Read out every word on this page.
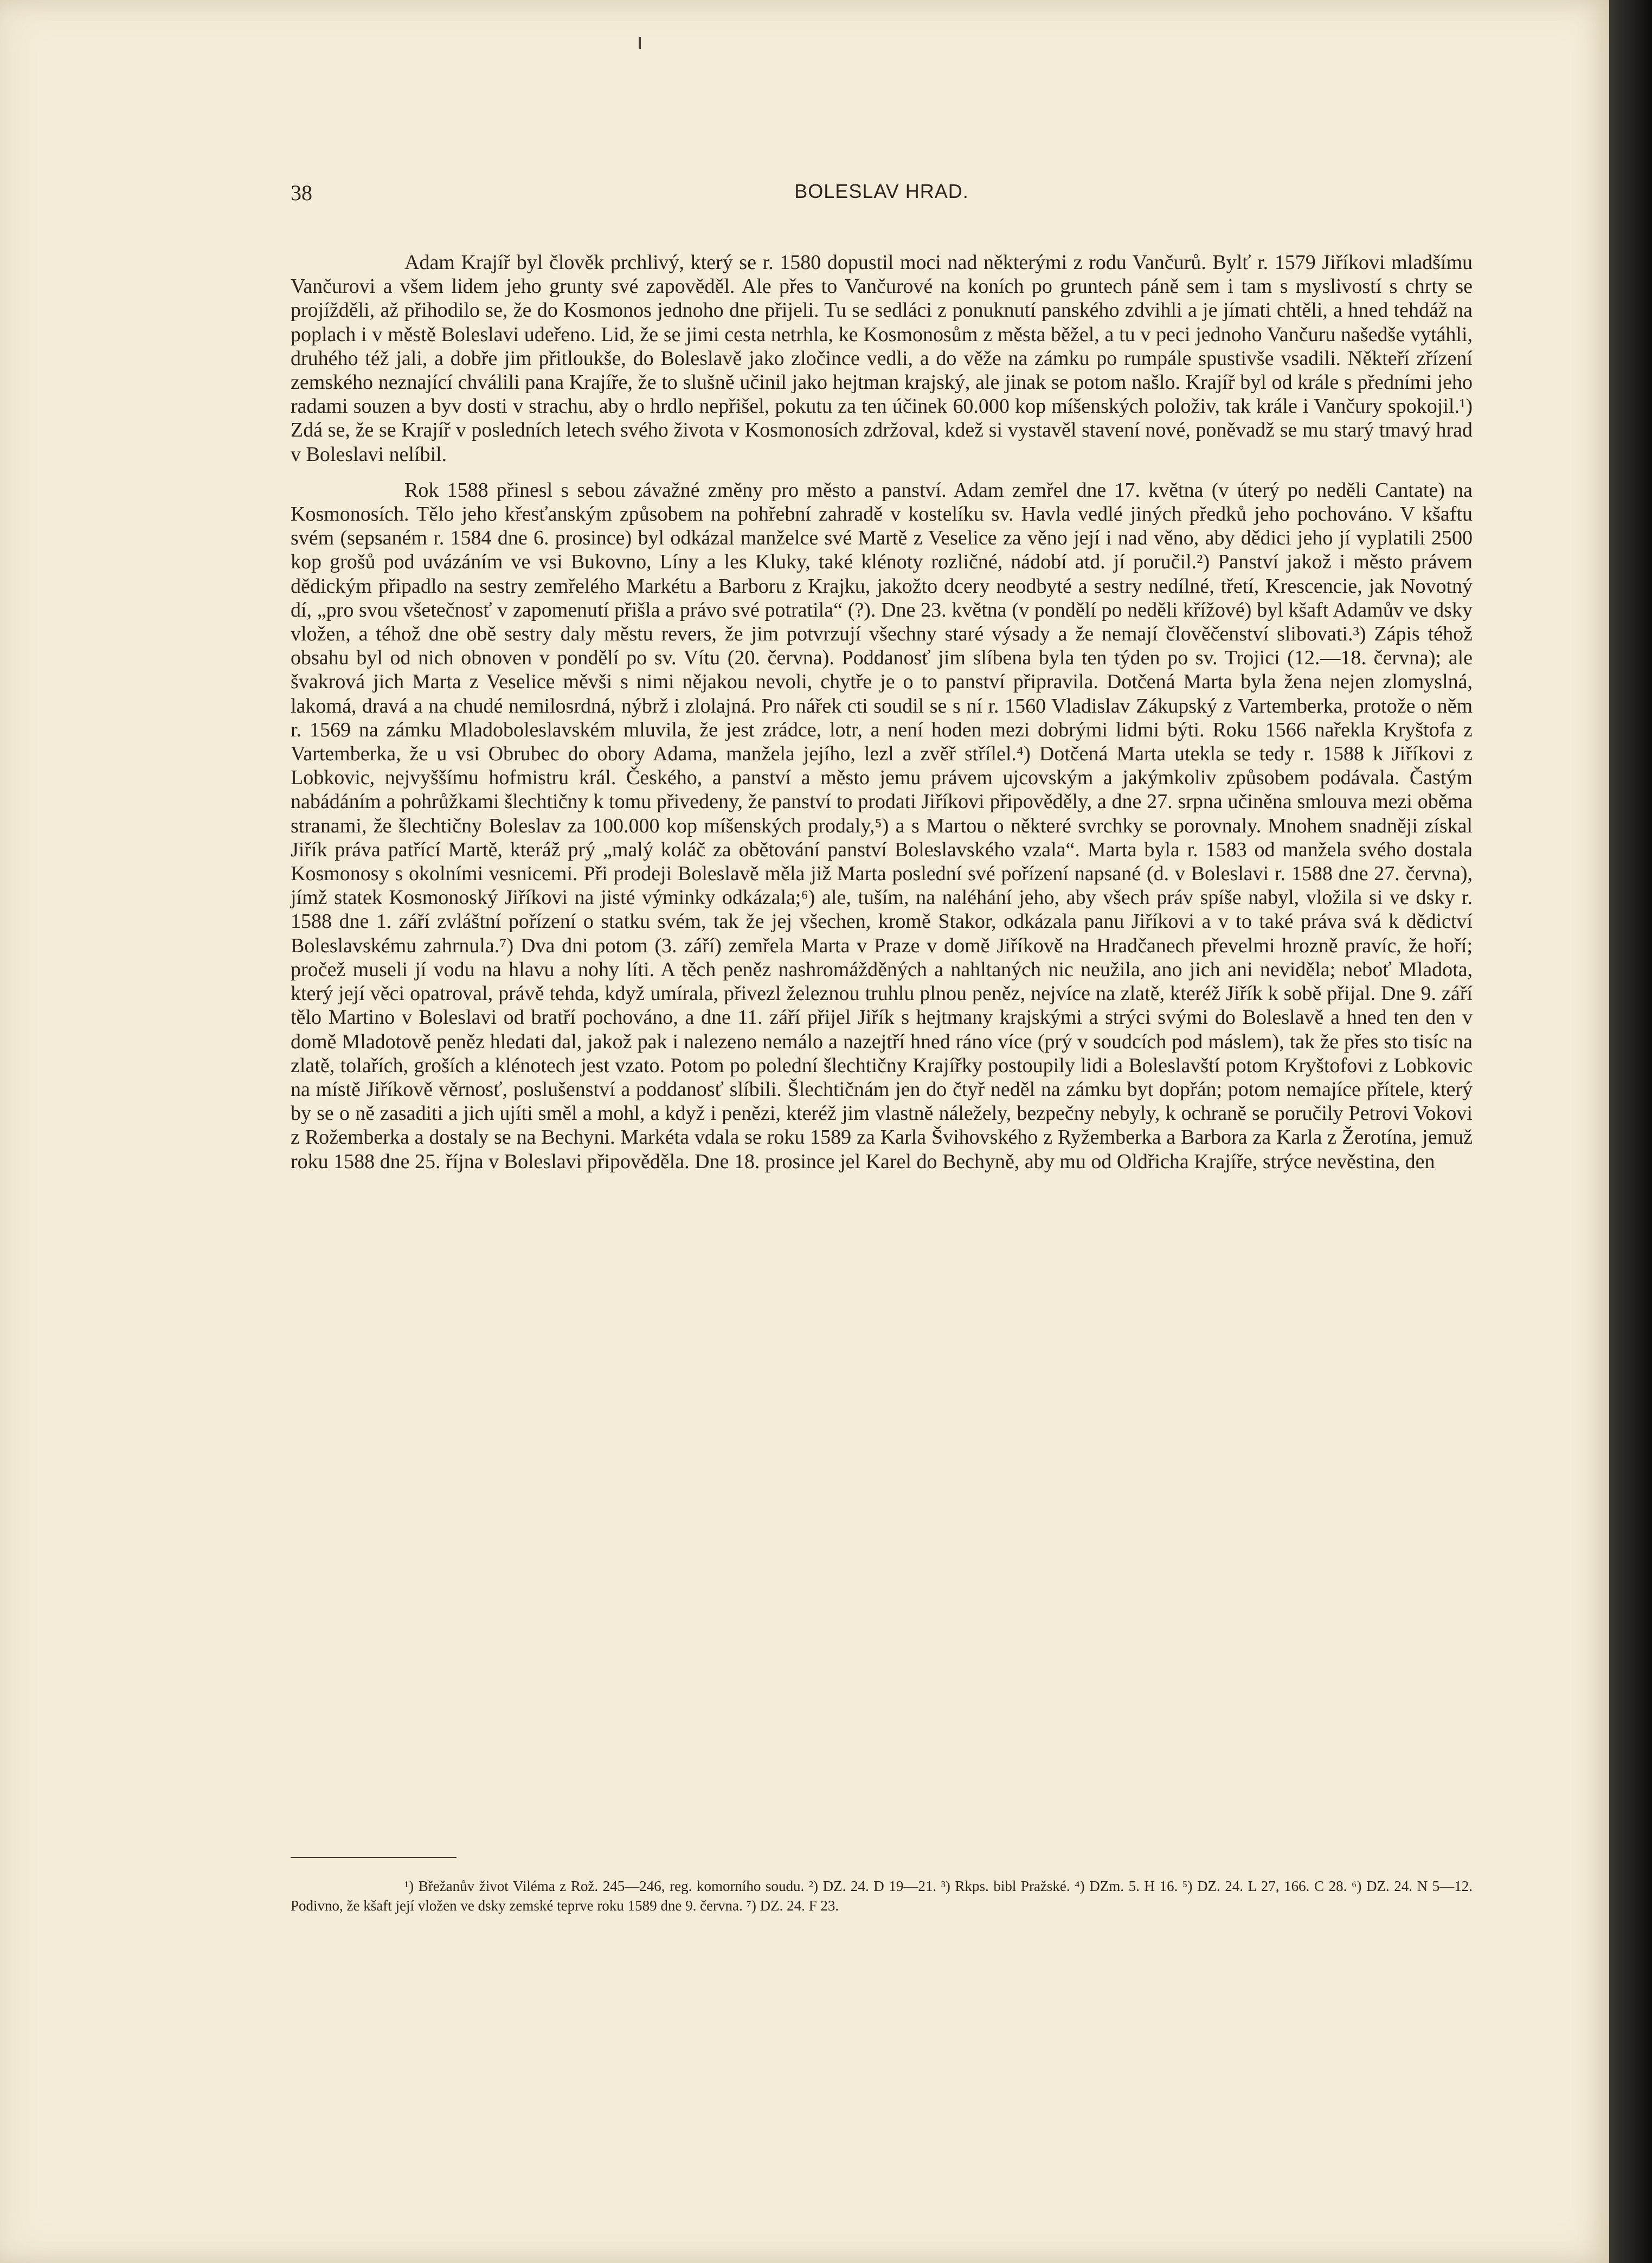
38	BOLESLAV HRAD.

Adam Krajíř byl člověk prchlivý, který se r. 1580 dopustil moci nad některými z rodu Vančurů. Bylť r. 1579 Jiříkovi mladšímu Vančurovi a všem lidem jeho grunty své zapověděl. Ale přes to Vančurové na koních po gruntech páně sem i tam s myslivostí s chrty se projížděli, až přihodilo se, že do Kosmonos jednoho dne přijeli. Tu se sedláci z ponuknutí panského zdvihli a je jímati chtěli, a hned tehdáž na poplach i v městě Boleslavi udeřeno. Lid, že se jimi cesta netrhla, ke Kosmonosům z města běžel, a tu v peci jednoho Vančuru našedše vytáhli, druhého též jali, a dobře jim přitloukše, do Boleslavě jako zločince vedli, a do věže na zámku po rumpále spustivše vsadili. Někteří zřízení zemského neznající chválili pana Krajíře, že to slušně učinil jako hejtman krajský, ale jinak se potom našlo. Krajíř byl od krále s předními jeho radami souzen a byv dosti v strachu, aby o hrdlo nepřišel, pokutu za ten účinek 60.000 kop míšenských položiv, tak krále i Vančury spokojil.¹) Zdá se, že se Krajíř v posledních letech svého života v Kosmonosích zdržoval, kdež si vystavěl stavení nové, poněvadž se mu starý tmavý hrad v Boleslavi nelíbil.

Rok 1588 přinesl s sebou závažné změny pro město a panství. Adam zemřel dne 17. května (v úterý po neděli Cantate) na Kosmonosích. Tělo jeho křesťanským způsobem na pohřební zahradě v kostelíku sv. Havla vedlé jiných předků jeho pochováno. V kšaftu svém (sepsaném r. 1584 dne 6. prosince) byl odkázal manželce své Martě z Veselice za věno její i nad věno, aby dědici jeho jí vyplatili 2500 kop grošů pod uvázáním ve vsi Bukovno, Líny a les Kluky, také klénoty rozličné, nádobí atd. jí poručil.²) Panství jakož i město právem dědickým připadlo na sestry zemřelého Markétu a Barboru z Krajku, jakožto dcery neodbyté a sestry nedílné, třetí, Krescencie, jak Novotný dí, „pro svou všetečnosť v zapomenutí přišla a právo své potratila“ (?). Dne 23. května (v pondělí po neděli křížové) byl kšaft Adamův ve dsky vložen, a téhož dne obě sestry daly městu revers, že jim potvrzují všechny staré výsady a že nemají člověčenství slibovati.³) Zápis téhož obsahu byl od nich obnoven v pondělí po sv. Vítu (20. června). Poddanosť jim slíbena byla ten týden po sv. Trojici (12.—18. června); ale švakrová jich Marta z Veselice měvši s nimi nějakou nevoli, chytře je o to panství připravila. Dotčená Marta byla žena nejen zlomyslná, lakomá, dravá a na chudé nemilosrdná, nýbrž i zlolajná. Pro nářek cti soudil se s ní r. 1560 Vladislav Zákupský z Vartemberka, protože o něm r. 1569 na zámku Mladoboleslavském mluvila, že jest zrádce, lotr, a není hoden mezi dobrými lidmi býti. Roku 1566 nařekla Kryštofa z Vartemberka, že u vsi Obrubec do obory Adama, manžela jejího, lezl a zvěř střílel.⁴) Dotčená Marta utekla se tedy r. 1588 k Jiříkovi z Lobkovic, nejvyššímu hofmistru král. Českého, a panství a město jemu právem ujcovským a jakýmkoliv způsobem podávala. Častým nabádáním a pohrůžkami šlechtičny k tomu přivedeny, že panství to prodati Jiříkovi připověděly, a dne 27. srpna učiněna smlouva mezi oběma stranami, že šlechtičny Boleslav za 100.000 kop míšenských prodaly,⁵) a s Martou o některé svrchky se porovnaly. Mnohem snadněji získal Jiřík práva patřící Martě, kteráž prý „malý koláč za obětování panství Boleslavského vzala“. Marta byla r. 1583 od manžela svého dostala Kosmonosy s okolními vesnicemi. Při prodeji Boleslavě měla již Marta poslední své pořízení napsané (d. v Boleslavi r. 1588 dne 27. června), jímž statek Kosmonoský Jiříkovi na jisté výminky odkázala;⁶) ale, tuším, na naléhání jeho, aby všech práv spíše nabyl, vložila si ve dsky r. 1588 dne 1. září zvláštní pořízení o statku svém, tak že jej všechen, kromě Stakor, odkázala panu Jiříkovi a v to také práva svá k dědictví Boleslavskému zahrnula.⁷) Dva dni potom (3. září) zemřela Marta v Praze v domě Jiříkově na Hradčanech převelmi hrozně pravíc, že hoří; pročež museli jí vodu na hlavu a nohy líti. A těch peněz nashromážděných a nahltaných nic neužila, ano jich ani neviděla; neboť Mladota, který její věci opatroval, právě tehda, když umírala, přivezl železnou truhlu plnou peněz, nejvíce na zlatě, kteréž Jiřík k sobě přijal. Dne 9. září tělo Martino v Boleslavi od bratří pochováno, a dne 11. září přijel Jiřík s hejtmany krajskými a strýci svými do Boleslavě a hned ten den v domě Mladotově peněz hledati dal, jakož pak i nalezeno nemálo a nazejtří hned ráno více (prý v soudcích pod máslem), tak že přes sto tisíc na zlatě, tolařích, groších a klénotech jest vzato. Potom po polední šlechtičny Krajířky postoupily lidi a Boleslavští potom Kryštofovi z Lobkovic na místě Jiříkově věrnosť, poslušenství a poddanosť slíbili. Šlechtičnám jen do čtyř neděl na zámku byt dopřán; potom nemajíce přítele, který by se o ně zasaditi a jich ujíti směl a mohl, a když i penězi, kteréž jim vlastně náležely, bezpečny nebyly, k ochraně se poručily Petrovi Vokovi z Rožemberka a dostaly se na Bechyni. Markéta vdala se roku 1589 za Karla Švihovského z Ryžemberka a Barbora za Karla z Žerotína, jemuž roku 1588 dne 25. října v Boleslavi připověděla. Dne 18. prosince jel Karel do Bechyně, aby mu od Oldřicha Krajíře, strýce nevěstina, den

¹) Břežanův život Viléma z Rož. 245—246, reg. komorního soudu. ²) DZ. 24. D 19—21. ³) Rkps. bibl Pražské. ⁴) DZm. 5. H 16. ⁵) DZ. 24. L 27, 166. C 28. ⁶) DZ. 24. N 5—12. Podivno, že kšaft její vložen ve dsky zemské teprve roku 1589 dne 9. června. ⁷) DZ. 24. F 23.
